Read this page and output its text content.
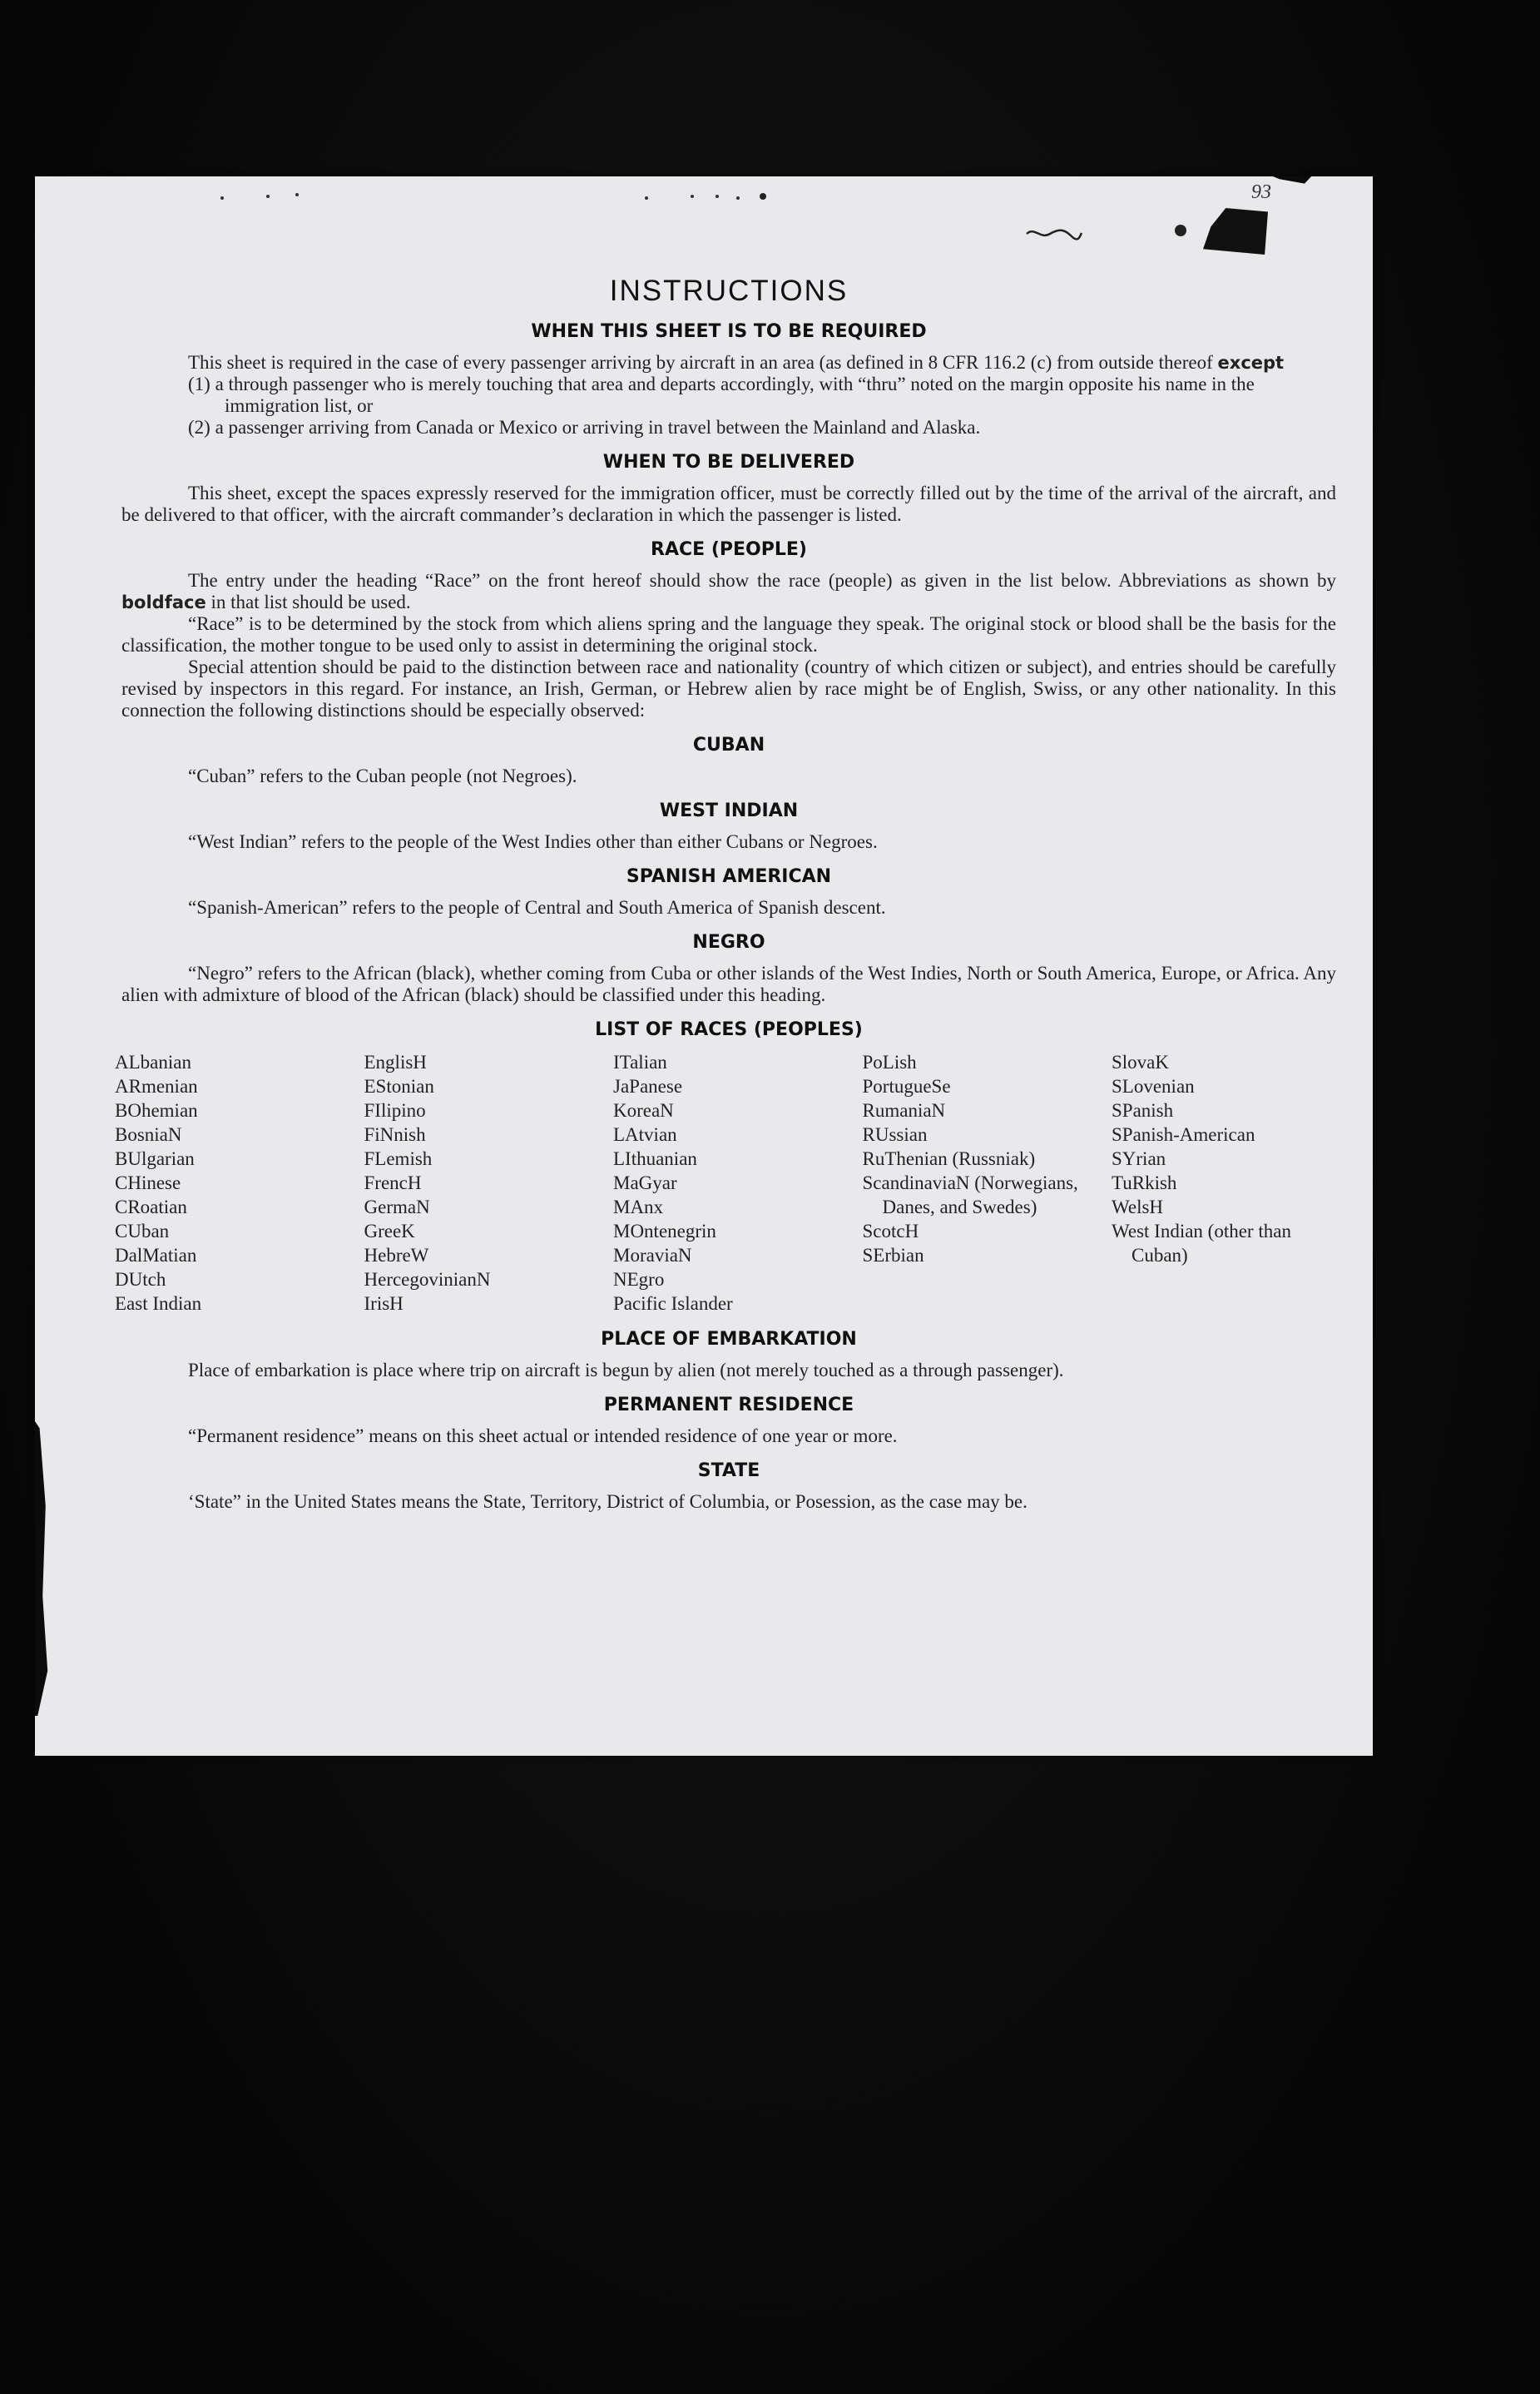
93
INSTRUCTIONS
WHEN THIS SHEET IS TO BE REQUIRED

This sheet is required in the case of every passenger arriving by aircraft in an area (as defined in 8 CFR 116.2 (c) from outside thereof except

(1) a through passenger who is merely touching that area and departs accordingly, with “thru” noted on the margin opposite his name in the immigration list, or

(2) a passenger arriving from Canada or Mexico or arriving in travel between the Mainland and Alaska.

WHEN TO BE DELIVERED

This sheet, except the spaces expressly reserved for the immigration officer, must be correctly filled out by the time of the arrival of the aircraft, and be delivered to that officer, with the aircraft commander’s declaration in which the passenger is listed.

RACE (PEOPLE)

The entry under the heading “Race” on the front hereof should show the race (people) as given in the list below. Abbreviations as shown by boldface in that list should be used.

“Race” is to be determined by the stock from which aliens spring and the language they speak. The original stock or blood shall be the basis for the classification, the mother tongue to be used only to assist in determining the original stock.

Special attention should be paid to the distinction between race and nationality (country of which citizen or subject), and entries should be carefully revised by inspectors in this regard. For instance, an Irish, German, or Hebrew alien by race might be of English, Swiss, or any other nationality. In this connection the following distinctions should be especially observed:

CUBAN

“Cuban” refers to the Cuban people (not Negroes).

WEST INDIAN

“West Indian” refers to the people of the West Indies other than either Cubans or Negroes.

SPANISH AMERICAN

“Spanish-American” refers to the people of Central and South America of Spanish descent.

NEGRO

“Negro” refers to the African (black), whether coming from Cuba or other islands of the West Indies, North or South America, Europe, or Africa. Any alien with admixture of blood of the African (black) should be classified under this heading.

LIST OF RACES (PEOPLES)

ALbanian

ARmenian

BOhemian

BosniaN

BUlgarian

CHinese

CRoatian

CUban

DalMatian

DUtch

East Indian

EnglisH

EStonian

FIlipino

FiNnish

FLemish

FrencH

GermaN

GreeK

HebreW

HercegovinianN

IrisH

ITalian

JaPanese

KoreaN

LAtvian

LIthuanian

MaGyar

MAnx

MOntenegrin

MoraviaN

NEgro

Pacific Islander

PoLish

PortugueSe

RumaniaN

RUssian

RuThenian (Russniak)

ScandinaviaN (Norwegians, Danes, and Swedes)

ScotcH

SErbian

SlovaK

SLovenian

SPanish

SPanish-American

SYrian

TuRkish

WelsH

West Indian (other than Cuban)

PLACE OF EMBARKATION

Place of embarkation is place where trip on aircraft is begun by alien (not merely touched as a through passenger).

PERMANENT RESIDENCE

“Permanent residence” means on this sheet actual or intended residence of one year or more.

STATE

‘State” in the United States means the State, Territory, District of Columbia, or Posession, as the case may be.
